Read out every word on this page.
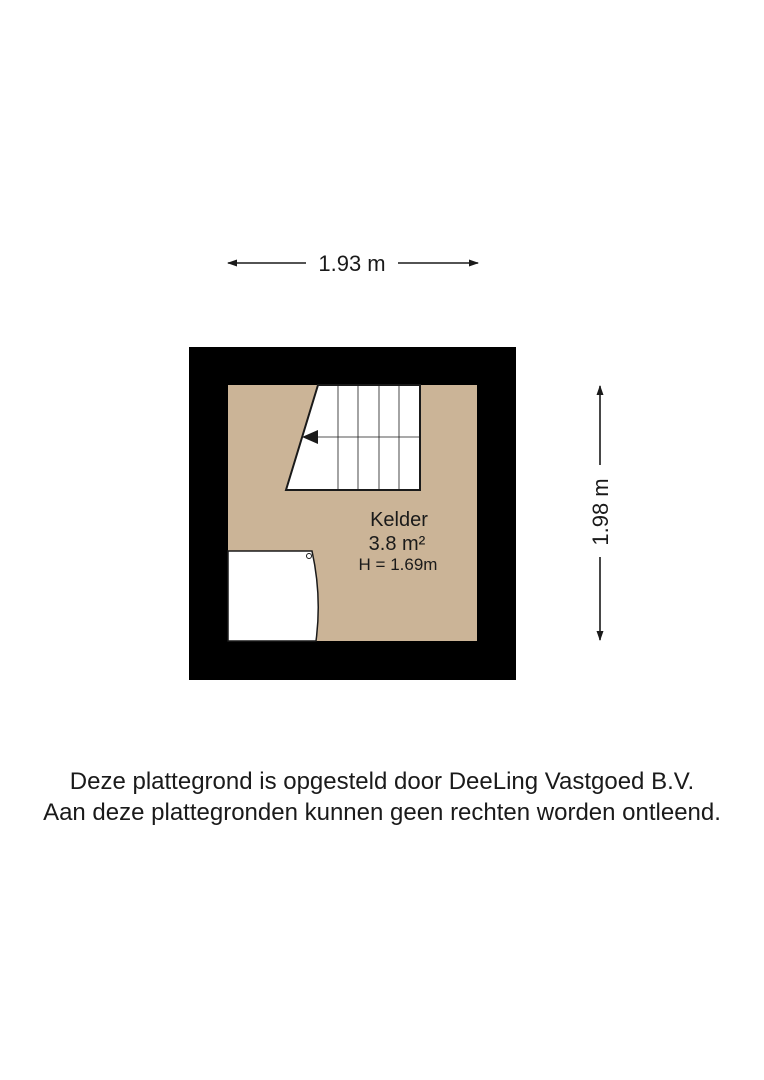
1.93 m
1.98 m
Kelder
3.8 m²
H = 1.69m
Deze plattegrond is opgesteld door DeeLing Vastgoed B.V.
Aan deze plattegronden kunnen geen rechten worden ontleend.
